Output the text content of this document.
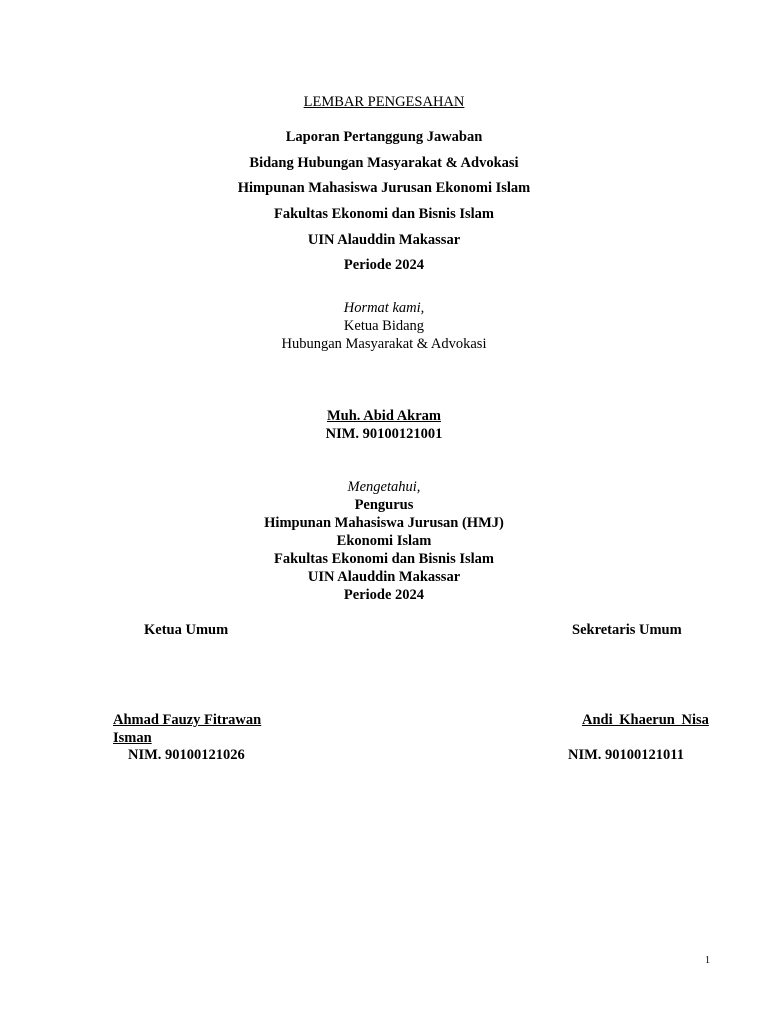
LEMBAR PENGESAHAN
Laporan Pertanggung Jawaban
Bidang Hubungan Masyarakat & Advokasi
Himpunan Mahasiswa Jurusan Ekonomi Islam
Fakultas Ekonomi dan Bisnis Islam
UIN Alauddin Makassar
Periode 2024
Hormat kami,
Ketua Bidang
Hubungan Masyarakat & Advokasi
Muh. Abid Akram
NIM. 90100121001
Mengetahui,
Pengurus
Himpunan Mahasiswa Jurusan (HMJ)
Ekonomi Islam
Fakultas Ekonomi dan Bisnis Islam
UIN Alauddin Makassar
Periode 2024
Ketua Umum	Sekretaris Umum
Ahmad Fauzy Fitrawan Isman
NIM. 90100121026
Andi Khaerun Nisa
NIM. 90100121011
1
